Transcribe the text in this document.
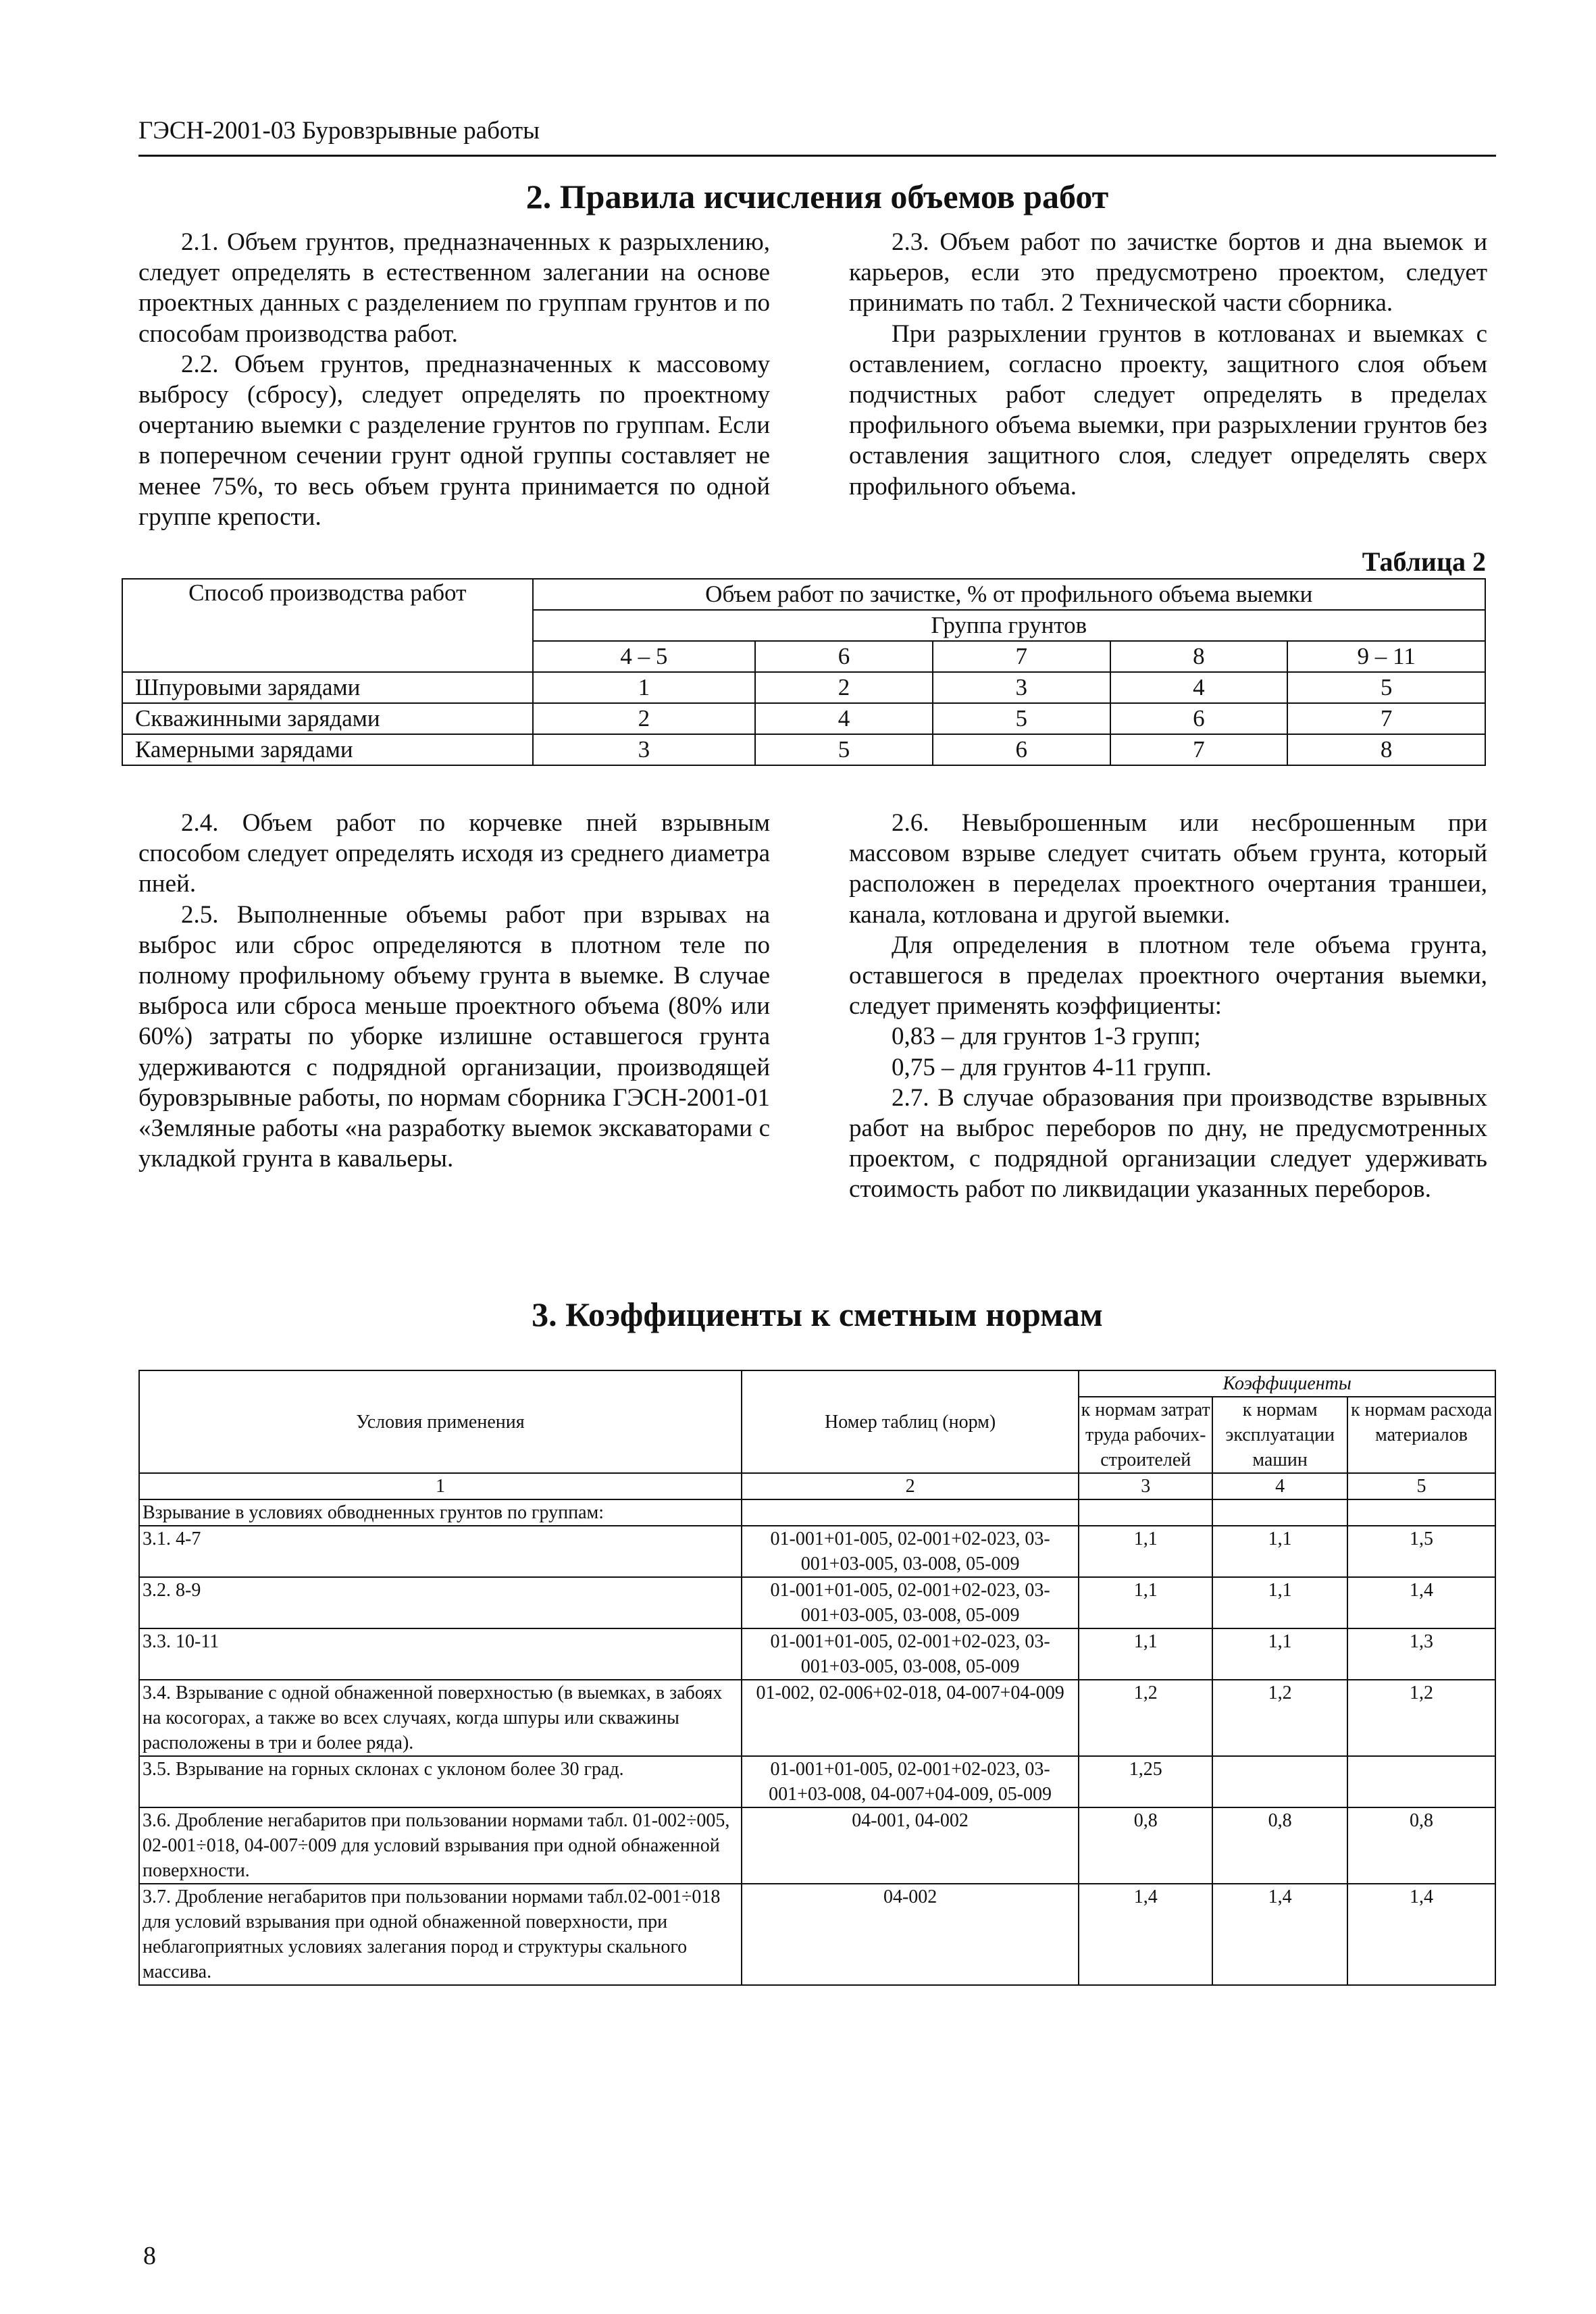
ГЭСН-2001-03 Буровзрывные работы
2. Правила исчисления объемов работ

2.1. Объем грунтов, предназначенных к разрыхлению, следует определять в естественном залегании на основе проектных данных с разделением по группам грунтов и по способам производства работ.

2.2. Объем грунтов, предназначенных к массовому выбросу (сбросу), следует определять по проектному очертанию выемки с разделение грунтов по группам. Если в поперечном сечении грунт одной группы составляет не менее 75%, то весь объем грунта принимается по одной группе крепости.

2.3. Объем работ по зачистке бортов и дна выемок и карьеров, если это предусмотрено проектом, следует принимать по табл. 2 Технической части сборника.

При разрыхлении грунтов в котлованах и выемках с оставлением, согласно проекту, защитного слоя объем подчистных работ следует определять в пределах профильного объема выемки, при разрыхлении грунтов без оставления защитного слоя, следует определять сверх профильного объема.

Таблица 2
Способ производства работ	Объем работ по зачистке, % от профильного объема выемки				
	Группа грунтов				
	4 – 5	6	7	8	9 – 11
Шпуровыми зарядами	1	2	3	4	5
Скважинными зарядами	2	4	5	6	7
Камерными зарядами	3	5	6	7	8

2.4. Объем работ по корчевке пней взрывным способом следует определять исходя из среднего диаметра пней.

2.5. Выполненные объемы работ при взрывах на выброс или сброс определяются в плотном теле по полному профильному объему грунта в выемке. В случае выброса или сброса меньше проектного объема (80% или 60%) затраты по уборке излишне оставшегося грунта удерживаются с подрядной организации, производящей буровзрывные работы, по нормам сборника ГЭСН-2001-01 «Земляные работы «на разработку выемок экскаваторами с укладкой грунта в кавальеры.

2.6. Невыброшенным или несброшенным при массовом взрыве следует считать объем грунта, который расположен в переделах проектного очертания траншеи, канала, котлована и другой выемки.

Для определения в плотном теле объема грунта, оставшегося в пределах проектного очертания выемки, следует применять коэффициенты:

0,83 – для грунтов 1-3 групп;

0,75 – для грунтов 4-11 групп.

2.7. В случае образования при производстве взрывных работ на выброс переборов по дну, не предусмотренных проектом, с подрядной организации следует удерживать стоимость работ по ликвидации указанных переборов.

3. Коэффициенты к сметным нормам
Условия применения	Номер таблиц (норм)	Коэффициенты		
		к нормам затрат труда рабочих-строителей	к нормам эксплуатации машин	к нормам расхода материалов
1	2	3	4	5
Взрывание в условиях обводненных грунтов по группам:				
3.1. 4-7	01-001+01-005, 02-001+02-023, 03-001+03-005, 03-008, 05-009	1,1	1,1	1,5
3.2. 8-9	01-001+01-005, 02-001+02-023, 03-001+03-005, 03-008, 05-009	1,1	1,1	1,4
3.3. 10-11	01-001+01-005, 02-001+02-023, 03-001+03-005, 03-008, 05-009	1,1	1,1	1,3
3.4. Взрывание с одной обнаженной поверхностью (в выемках, в забоях на косогорах, а также во всех случаях, когда шпуры или скважины расположены в три и более ряда).	01-002, 02-006+02-018, 04-007+04-009	1,2	1,2	1,2
3.5. Взрывание на горных склонах с уклоном более 30 град.	01-001+01-005, 02-001+02-023, 03-001+03-008, 04-007+04-009, 05-009	1,25		
3.6. Дробление негабаритов при пользовании нормами табл. 01-002÷005, 02-001÷018, 04-007÷009 для условий взрывания при одной обнаженной поверхности.	04-001, 04-002	0,8	0,8	0,8
3.7. Дробление негабаритов при пользовании нормами табл.02-001÷018 для условий взрывания при одной обнаженной поверхности, при неблагоприятных условиях залегания пород и структуры скального массива.	04-002	1,4	1,4	1,4
8
